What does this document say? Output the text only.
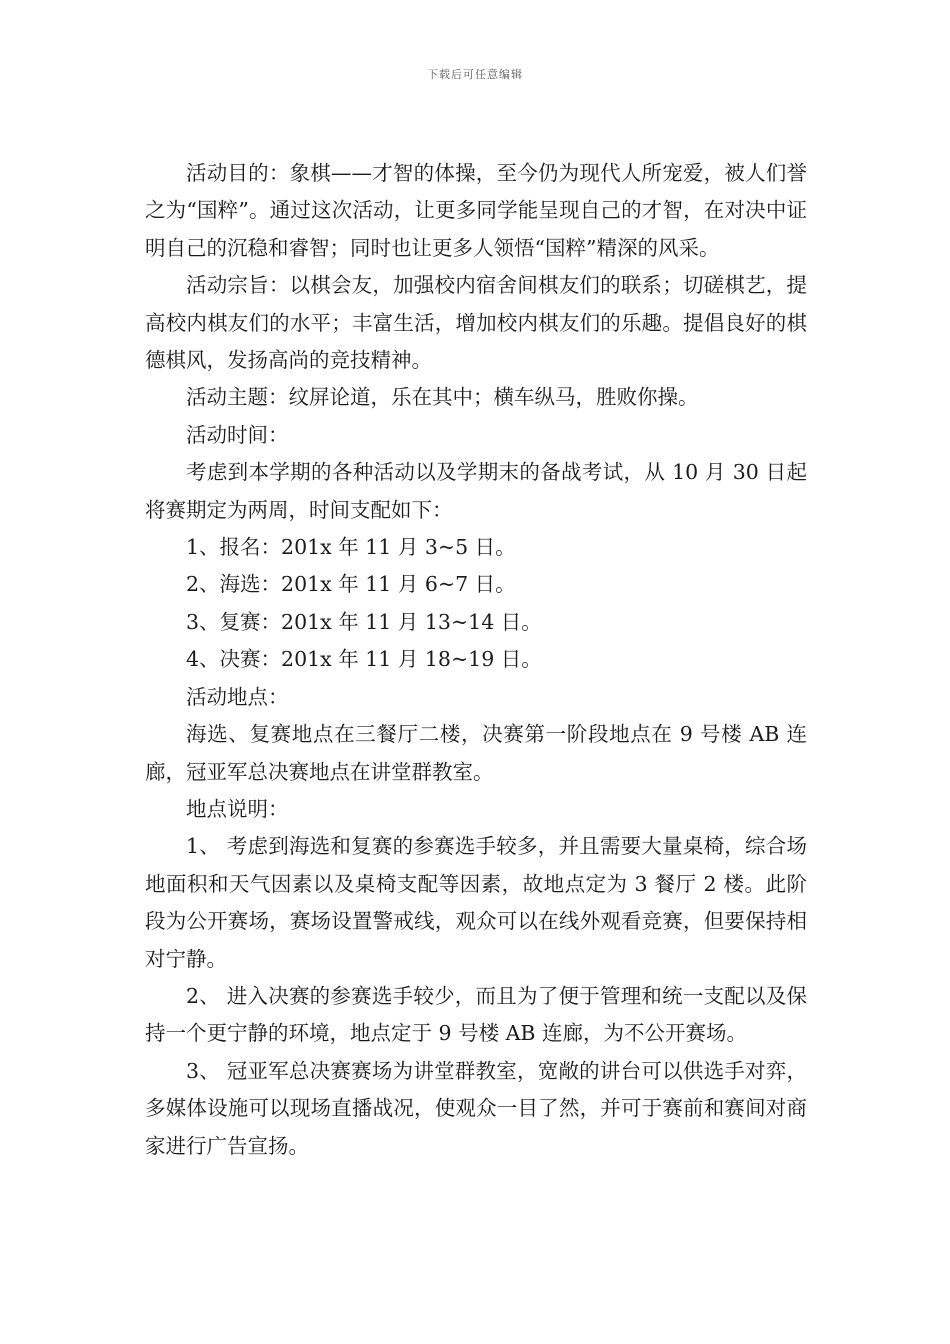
下载后可任意编辑

活动目的：象棋——才智的体操，至今仍为现代人所宠爱，被人们誉之为“国粹”。通过这次活动，让更多同学能呈现自己的才智，在对决中证明自己的沉稳和睿智；同时也让更多人领悟“国粹”精深的风采。

活动宗旨：以棋会友，加强校内宿舍间棋友们的联系；切磋棋艺，提高校内棋友们的水平；丰富生活，增加校内棋友们的乐趣。提倡良好的棋德棋风，发扬高尚的竞技精神。

活动主题：纹屏论道，乐在其中；横车纵马，胜败你操。

活动时间：

考虑到本学期的各种活动以及学期末的备战考试，从 10 月 30 日起将赛期定为两周，时间支配如下：

1、报名：201x 年 11 月 3~5 日。

2、海选：201x 年 11 月 6~7 日。

3、复赛：201x 年 11 月 13~14 日。

4、决赛：201x 年 11 月 18~19 日。

活动地点：

海选、复赛地点在三餐厅二楼，决赛第一阶段地点在 9 号楼 AB 连廊，冠亚军总决赛地点在讲堂群教室。

地点说明：

1、 考虑到海选和复赛的参赛选手较多，并且需要大量桌椅，综合场地面积和天气因素以及桌椅支配等因素，故地点定为 3 餐厅 2 楼。此阶段为公开赛场，赛场设置警戒线，观众可以在线外观看竞赛，但要保持相对宁静。

2、 进入决赛的参赛选手较少，而且为了便于管理和统一支配以及保持一个更宁静的环境，地点定于 9 号楼 AB 连廊，为不公开赛场。

3、 冠亚军总决赛赛场为讲堂群教室，宽敞的讲台可以供选手对弈，多媒体设施可以现场直播战况，使观众一目了然，并可于赛前和赛间对商家进行广告宣扬。
